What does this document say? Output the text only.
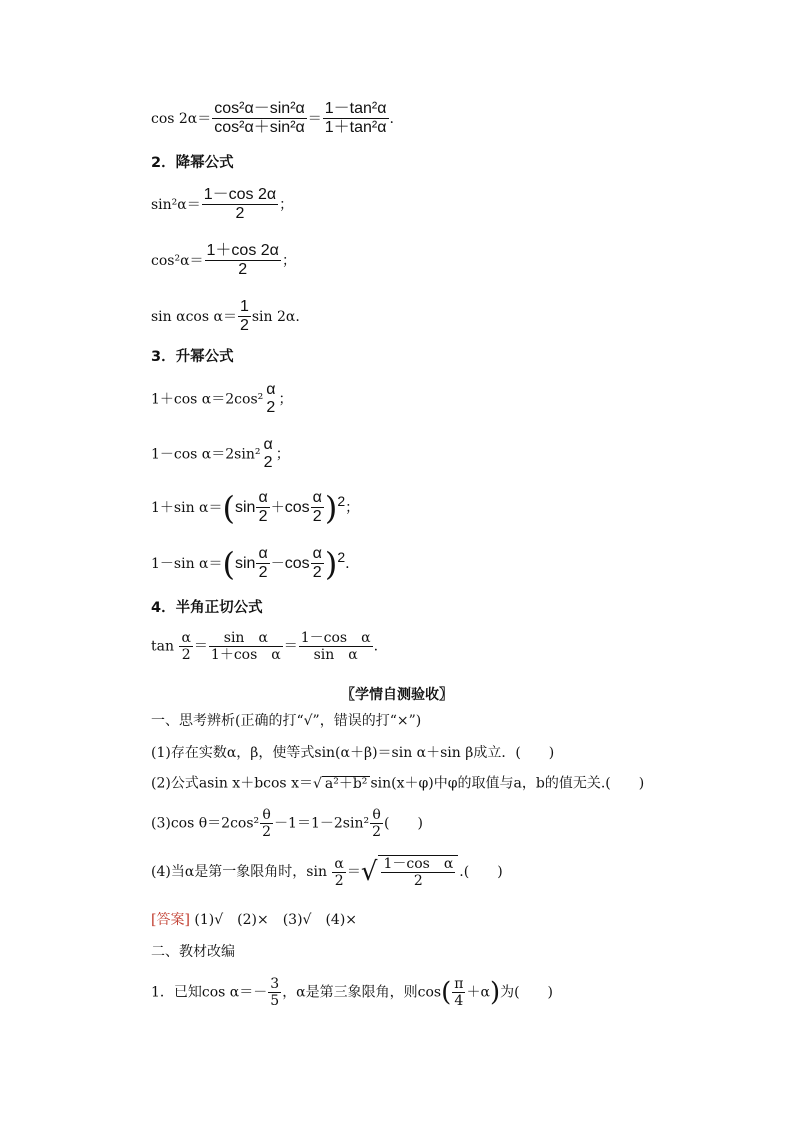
$\cos 2\alpha= \frac{\text{cos²α－sin²α}}{\text{cos²α＋sin²α}} = \frac{\text{1－tan²α}}{\text{1＋tan²α}}$ .
2．降幂公式
$\sin^2\alpha= \frac{1-\cos 2\alpha}{2}$ ；
$\cos^2\alpha= \frac{1+\cos 2\alpha}{2}$ ；
sin αcos $\alpha= \frac{1}{2}$ sin 2α.
3．升幂公式
1＋cos α＝2cos²
α
2 ；
1－cos α＝2sin²
α
2 ；
1＋sin $\alpha=(\sin \frac{\alpha}{2} +\cos \frac{\alpha}{2} )^2$；
1－sin $\alpha=(\sin \frac{\alpha}{2} -\cos \frac{\alpha}{2} )^2$.
4．半角正切公式
$\tan \frac{\alpha}{2} = \frac{\text{sin　α}}{\text{1＋cos　α}} = \frac{\text{1－cos　α}}{\text{sin　α}}$ .
〖学情自测验收〗
一、思考辨析(正确的打“√”，错误的打“×”)
(1)存在实数α，β，使等式sin(α＋β)＝sin α＋sin β成立．(　　)
(2)公式asin x＋bcos x＝√ a²＋b² sin(x＋φ)中φ的取值与a，b的值无关.(　　)
(3)cos $\theta=2\cos^2 \frac{\theta}{2} -1=1-2\sin^2 \frac{\theta}{2}$ (　　)
(4)当α是第一象限角时，$\sin \frac{\alpha}{2}$ ＝√ $\frac{\text{1－cos　α}}{2}$ .(　　)
[答案] (1)√　(2)×　(3)√　(4)×
二、教材改编
1．已知$\cos \alpha=- \frac{3}{5}$ ，α是第三象限角，则$\cos( \frac{\pi}{4} +\alpha)$为(　　)
